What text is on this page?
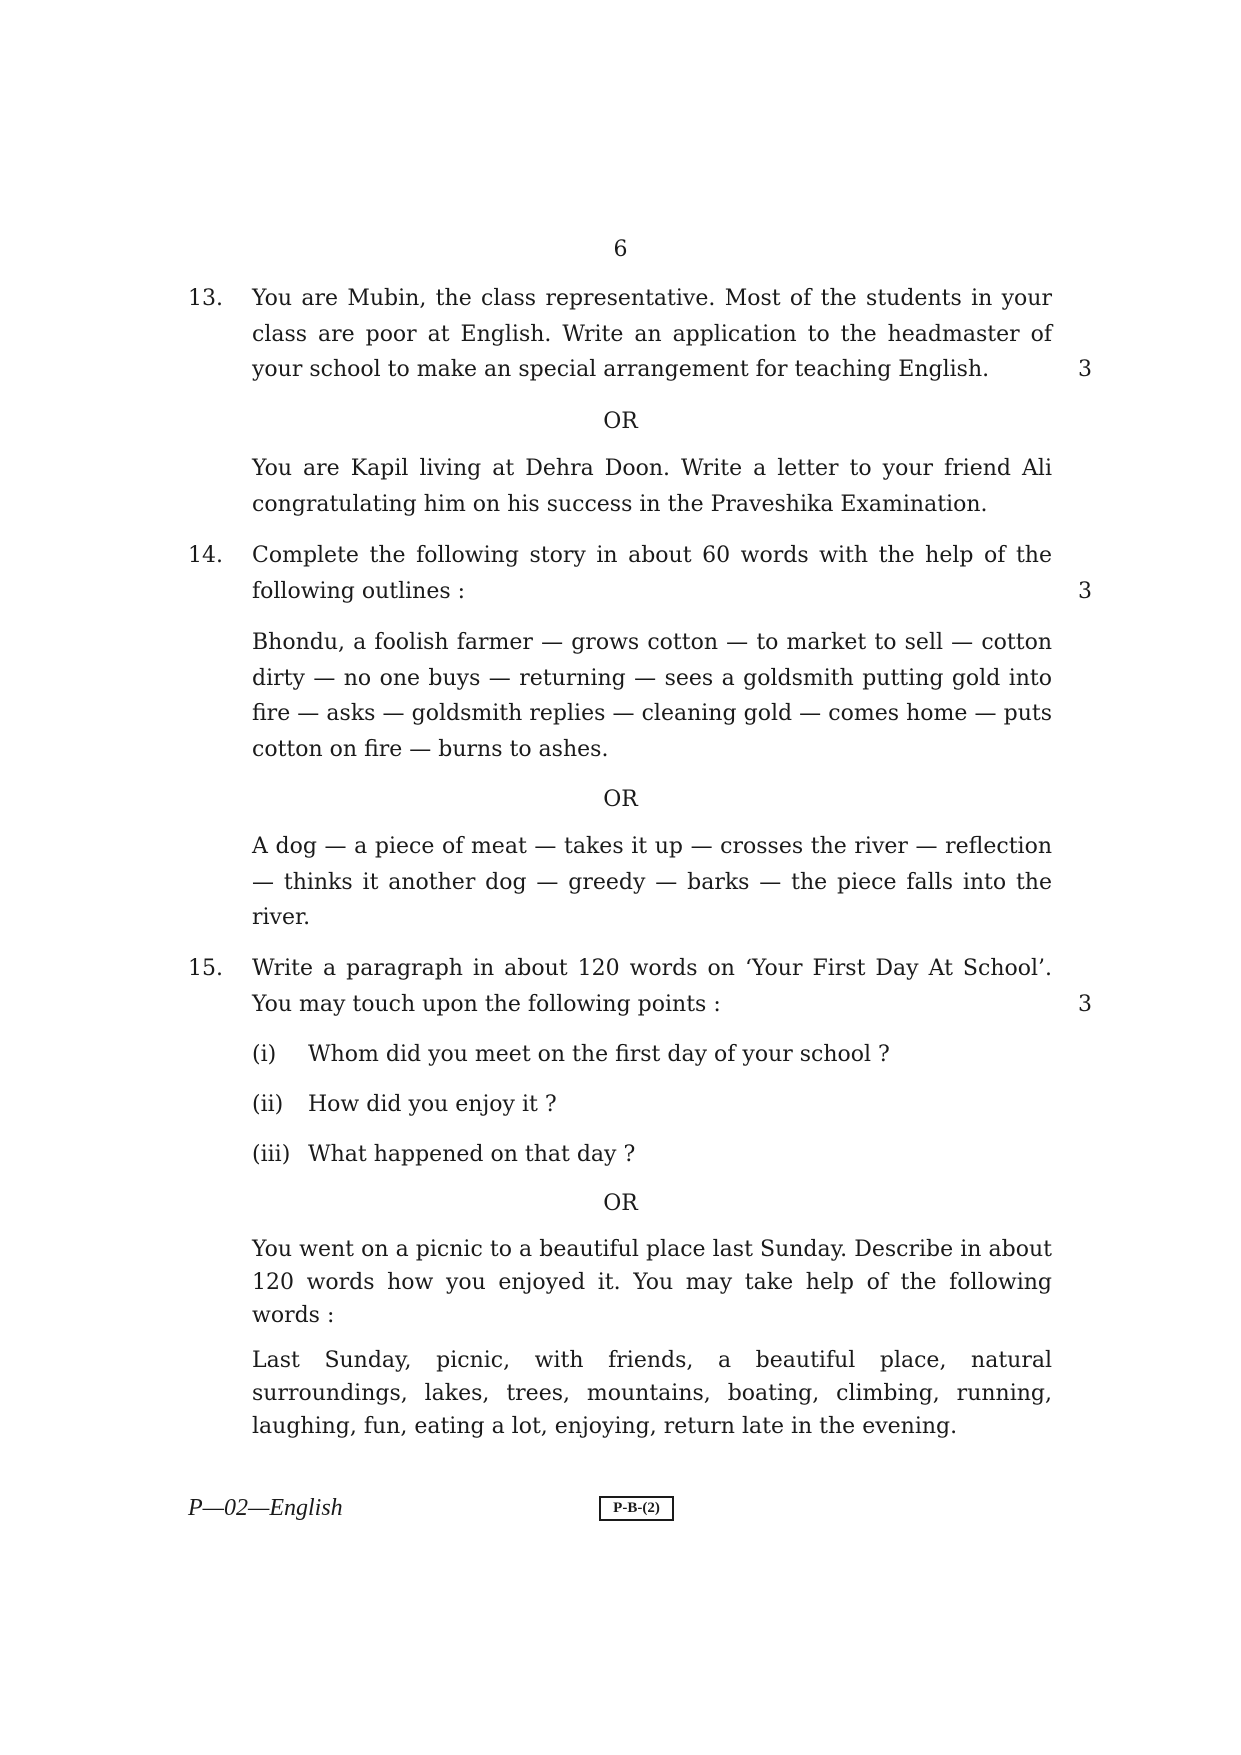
6
13. You are Mubin, the class representative. Most of the students in your class are poor at English. Write an application to the headmaster of your school to make an special arrangement for teaching English.	3
OR
You are Kapil living at Dehra Doon. Write a letter to your friend Ali congratulating him on his success in the Praveshika Examination.
14. Complete the following story in about 60 words with the help of the following outlines :	3
Bhondu, a foolish farmer — grows cotton — to market to sell — cotton dirty — no one buys — returning — sees a goldsmith putting gold into fire — asks — goldsmith replies — cleaning gold — comes home — puts cotton on fire — burns to ashes.
OR
A dog — a piece of meat — takes it up — crosses the river — reflection — thinks it another dog — greedy — barks — the piece falls into the river.
15. Write a paragraph in about 120 words on ‘Your First Day At School’. You may touch upon the following points :	3
(i) Whom did you meet on the first day of your school ?
(ii) How did you enjoy it ?
(iii) What happened on that day ?
OR
You went on a picnic to a beautiful place last Sunday. Describe in about 120 words how you enjoyed it. You may take help of the following words :
Last Sunday, picnic, with friends, a beautiful place, natural surroundings, lakes, trees, mountains, boating, climbing, running, laughing, fun, eating a lot, enjoying, return late in the evening.
P—02—English	P-B-(2)
